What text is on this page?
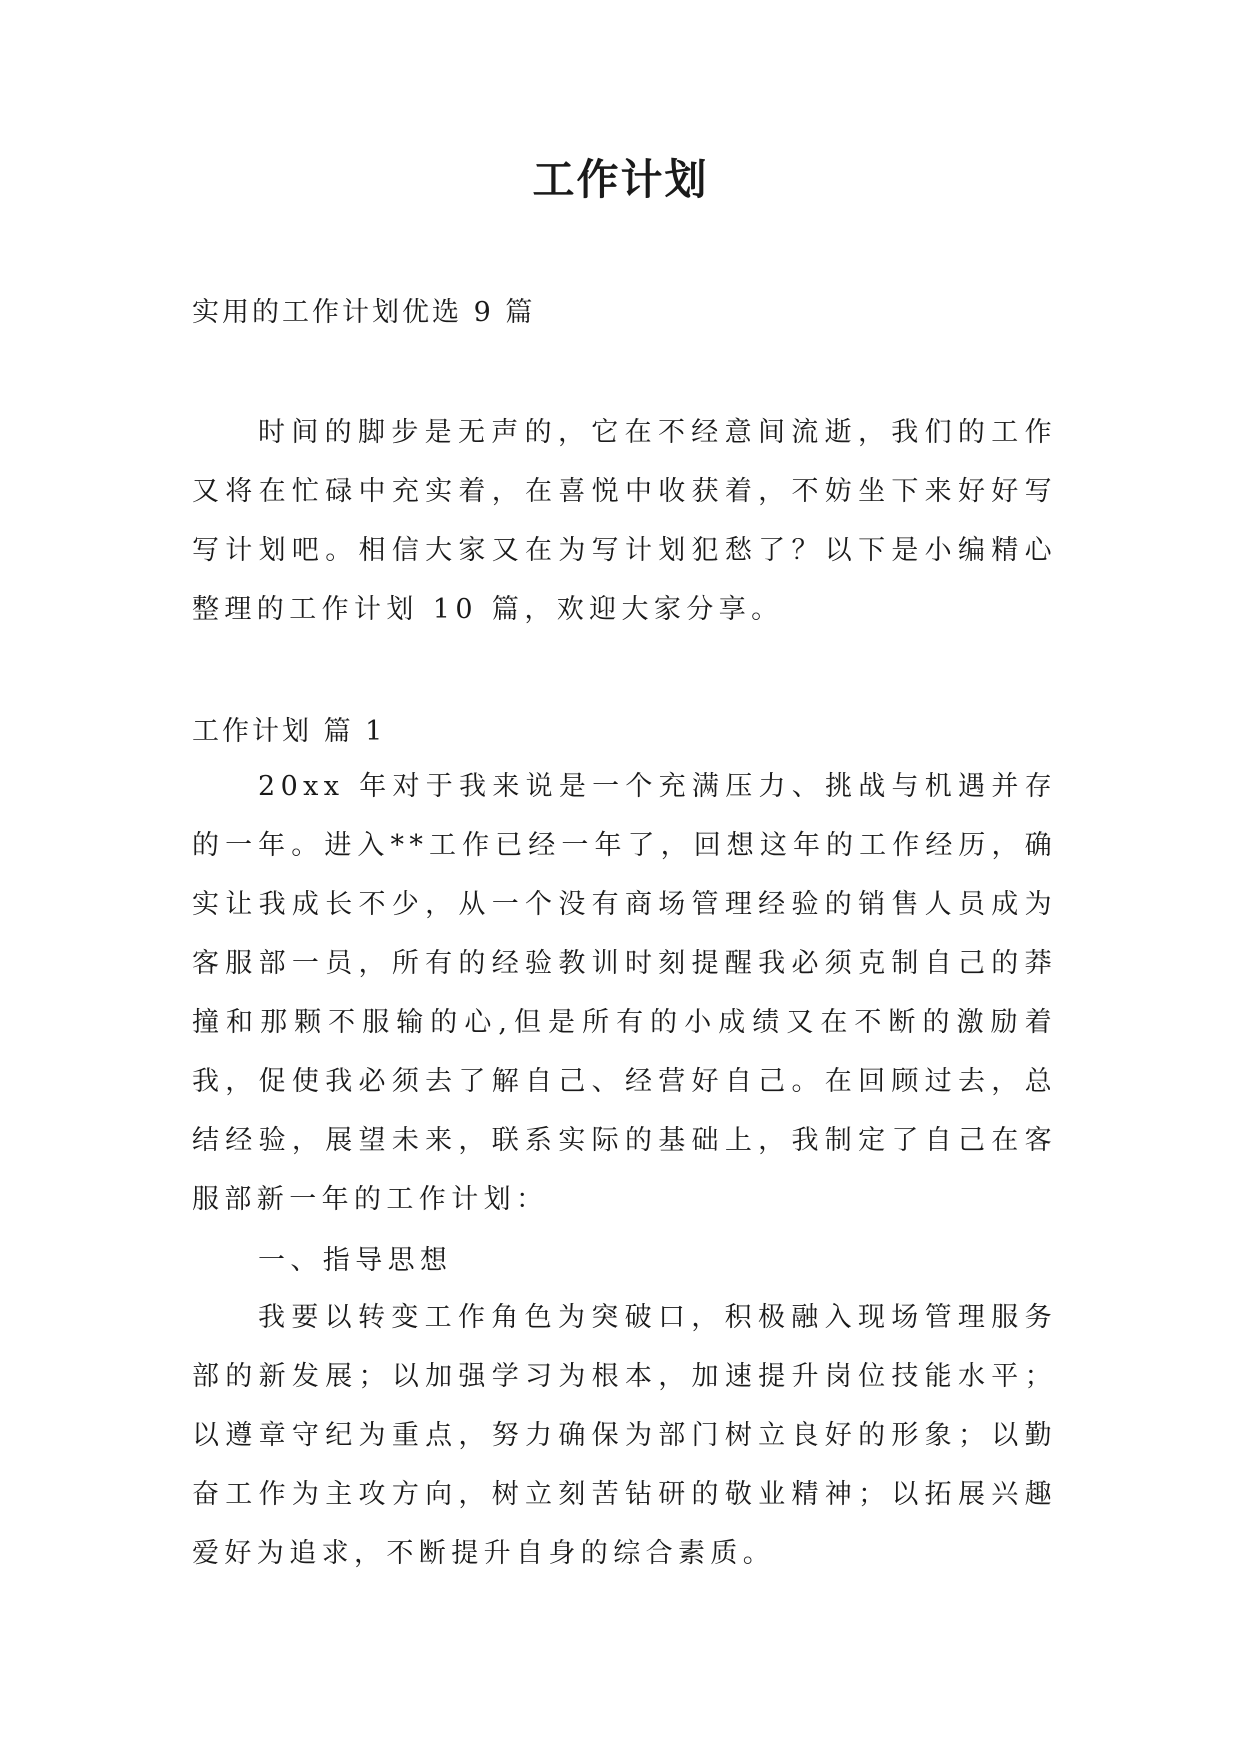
工作计划

实用的工作计划优选 9 篇

时间的脚步是无声的，它在不经意间流逝，我们的工作又将在忙碌中充实着，在喜悦中收获着，不妨坐下来好好写写计划吧。相信大家又在为写计划犯愁了？以下是小编精心整理的工作计划 10 篇，欢迎大家分享。

工作计划 篇 1

20xx 年对于我来说是一个充满压力、挑战与机遇并存的一年。进入**工作已经一年了，回想这年的工作经历，确实让我成长不少，从一个没有商场管理经验的销售人员成为客服部一员，所有的经验教训时刻提醒我必须克制自己的莽撞和那颗不服输的心,但是所有的小成绩又在不断的激励着我，促使我必须去了解自己、经营好自己。在回顾过去，总结经验，展望未来，联系实际的基础上，我制定了自己在客服部新一年的工作计划：

一、指导思想

我要以转变工作角色为突破口，积极融入现场管理服务部的新发展；以加强学习为根本，加速提升岗位技能水平；以遵章守纪为重点，努力确保为部门树立良好的形象；以勤奋工作为主攻方向，树立刻苦钻研的敬业精神；以拓展兴趣爱好为追求，不断提升自身的综合素质。
